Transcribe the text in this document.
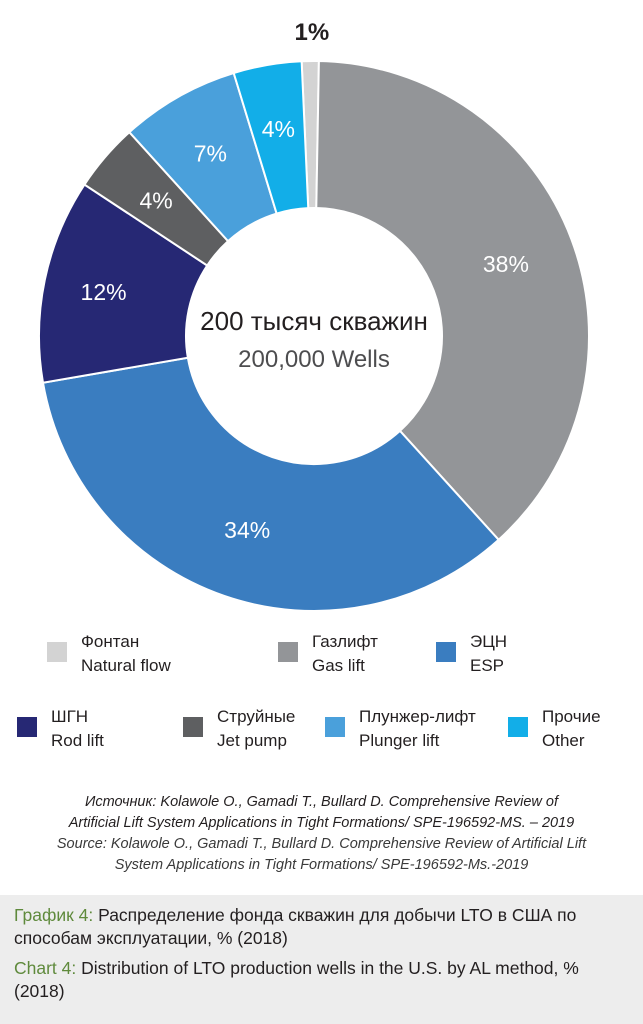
1%
38%
34%
12%
4%
7%
4%
200 тысяч скважин
200,000 Wells
Фонтан
Natural flow
Газлифт
Gas lift
ЭЦН
ESP
ШГН
Rod lift
Струйные
Jet pump
Плунжер-лифт
Plunger lift
Прочие
Other
Источник: Kolawole O., Gamadi T., Bullard D. Comprehensive Review of
Artificial Lift System Applications in Tight Formations/ SPE-196592-MS. – 2019
Source: Kolawole O., Gamadi T., Bullard D. Comprehensive Review of Artificial Lift
System Applications in Tight Formations/ SPE-196592-Ms.-2019

График 4: Распределение фонда скважин для добычи LTO в США по способам эксплуатации, % (2018)

Chart 4: Distribution of LTO production wells in the U.S. by AL method, % (2018)
